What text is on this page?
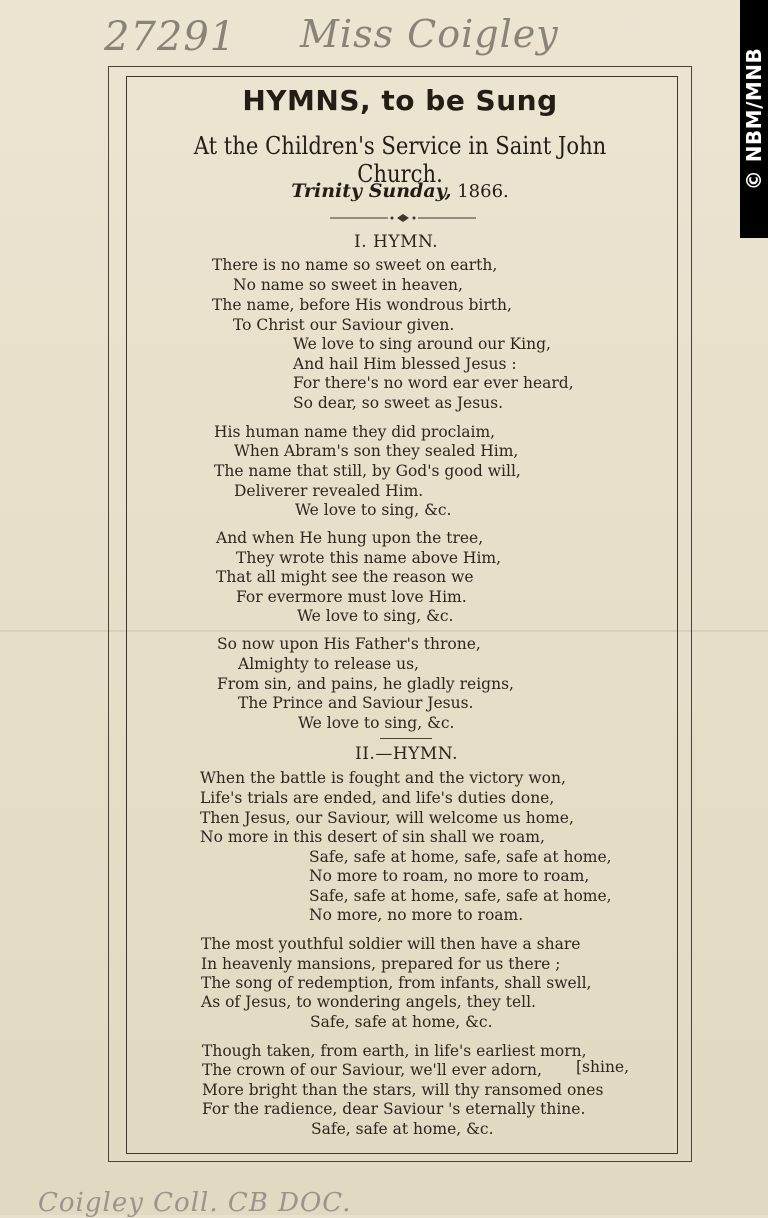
27291 Miss Coigley
Coigley Coll. CB DOC.
© NBM/MNB
HYMNS, to be Sung
At the Children's Service in Saint John Church.
Trinity Sunday, 1866.
I. HYMN.
There is no name so sweet on earth,
No name so sweet in heaven,
The name, before His wondrous birth,
To Christ our Saviour given.
We love to sing around our King,
And hail Him blessed Jesus :
For there's no word ear ever heard,
So dear, so sweet as Jesus.
His human name they did proclaim,
When Abram's son they sealed Him,
The name that still, by God's good will,
Deliverer revealed Him.
We love to sing, &c.
And when He hung upon the tree,
They wrote this name above Him,
That all might see the reason we
For evermore must love Him.
We love to sing, &c.
So now upon His Father's throne,
Almighty to release us,
From sin, and pains, he gladly reigns,
The Prince and Saviour Jesus.
We love to sing, &c.
II.—HYMN.
When the battle is fought and the victory won,
Life's trials are ended, and life's duties done,
Then Jesus, our Saviour, will welcome us home,
No more in this desert of sin shall we roam,
Safe, safe at home, safe, safe at home,
No more to roam, no more to roam,
Safe, safe at home, safe, safe at home,
No more, no more to roam.
The most youthful soldier will then have a share
In heavenly mansions, prepared for us there ;
The song of redemption, from infants, shall swell,
As of Jesus, to wondering angels, they tell.
Safe, safe at home, &c.
Though taken, from earth, in life's earliest morn,
The crown of our Saviour, we'll ever adorn, [shine,
More bright than the stars, will thy ransomed ones
For the radience, dear Saviour 's eternally thine.
Safe, safe at home, &c.
